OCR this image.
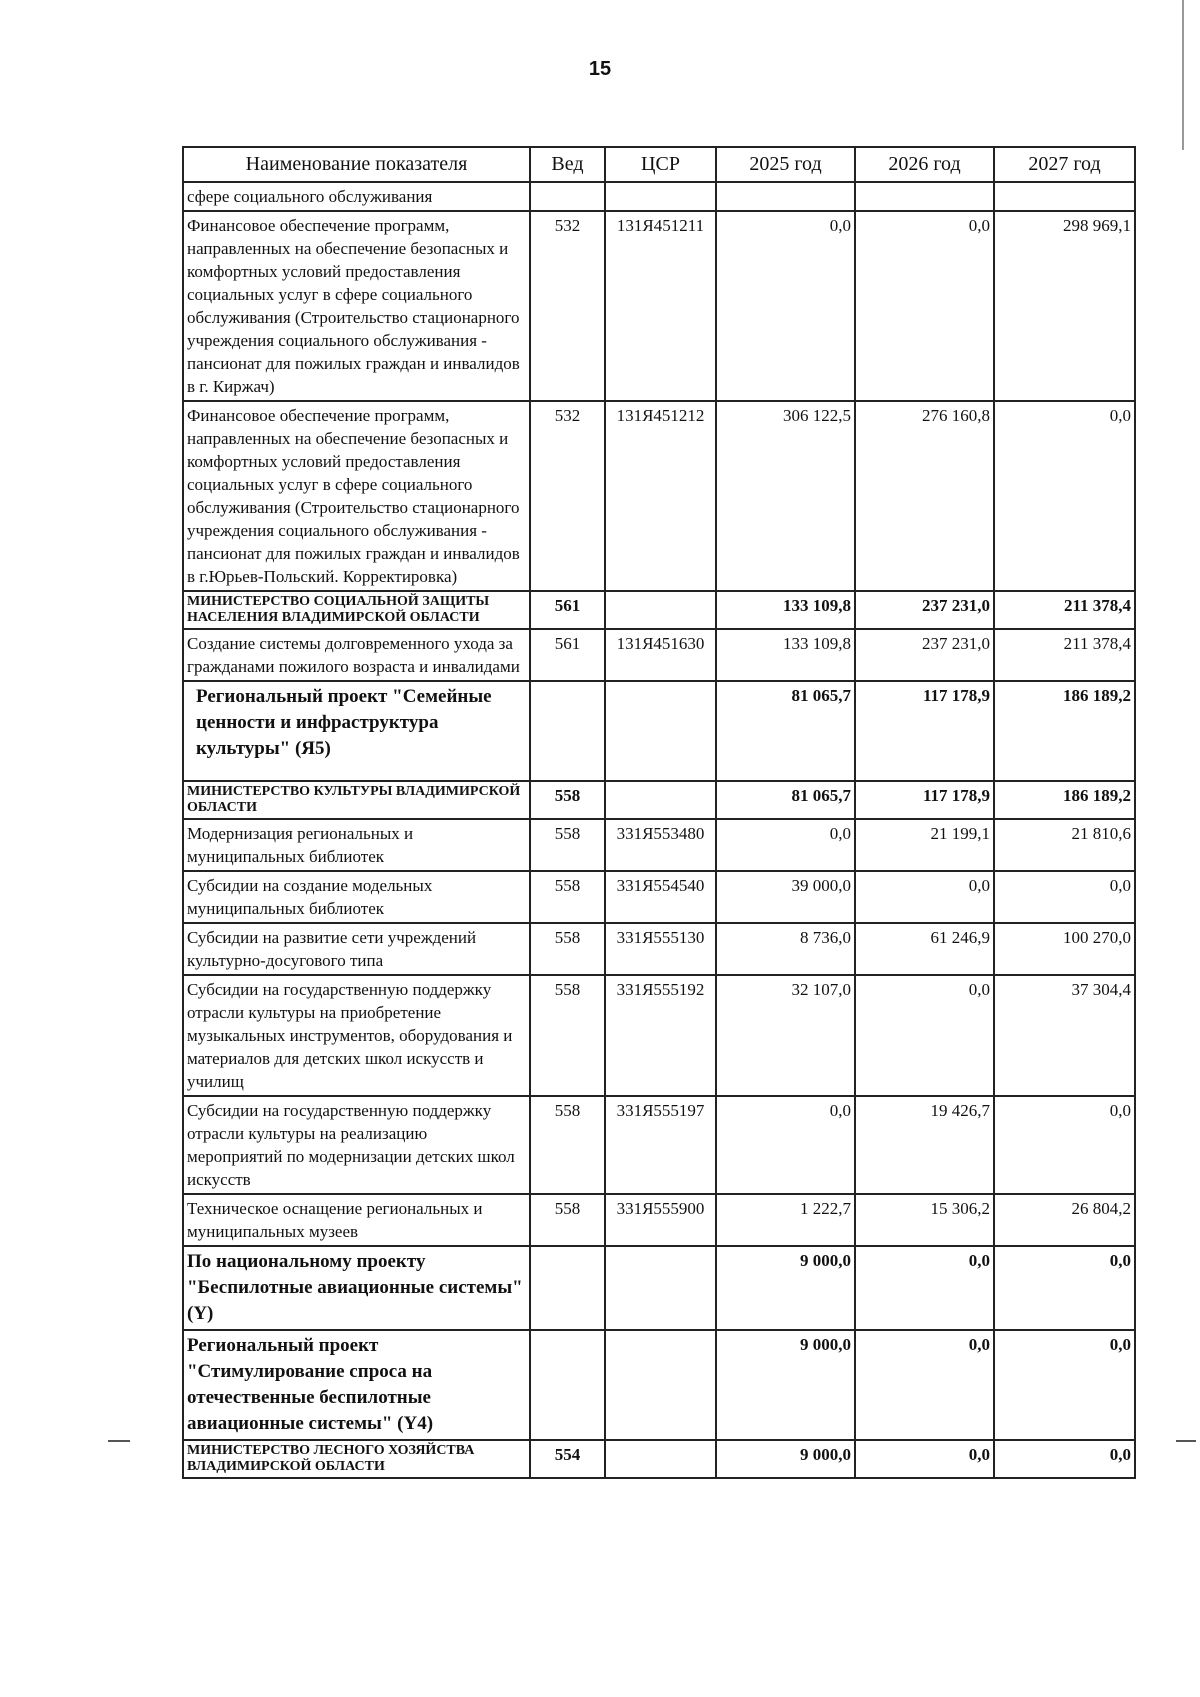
15
Наименование показателя	Вед	ЦСР	2025 год	2026 год	2027 год
сфере социального обслуживания					
Финансовое обеспечение программ, направленных на обеспечение безопасных и комфортных условий предоставления социальных услуг в сфере социального обслуживания (Строительство стационарного учреждения социального обслуживания - пансионат для пожилых граждан и инвалидов в г. Киржач)	532	131Я451211	0,0	0,0	298 969,1
Финансовое обеспечение программ, направленных на обеспечение безопасных и комфортных условий предоставления социальных услуг в сфере социального обслуживания (Строительство стационарного учреждения социального обслуживания - пансионат для пожилых граждан и инвалидов в г.Юрьев-Польский. Корректировка)	532	131Я451212	306 122,5	276 160,8	0,0
МИНИСТЕРСТВО СОЦИАЛЬНОЙ ЗАЩИТЫ НАСЕЛЕНИЯ ВЛАДИМИРСКОЙ ОБЛАСТИ	561		133 109,8	237 231,0	211 378,4
Создание системы долговременного ухода за гражданами пожилого возраста и инвалидами	561	131Я451630	133 109,8	237 231,0	211 378,4
Региональный проект "Семейные ценности и инфраструктура культуры" (Я5)			81 065,7	117 178,9	186 189,2
МИНИСТЕРСТВО КУЛЬТУРЫ ВЛАДИМИРСКОЙ ОБЛАСТИ	558		81 065,7	117 178,9	186 189,2
Модернизация региональных и муниципальных библиотек	558	331Я553480	0,0	21 199,1	21 810,6
Субсидии на создание модельных муниципальных библиотек	558	331Я554540	39 000,0	0,0	0,0
Субсидии на развитие сети учреждений культурно-досугового типа	558	331Я555130	8 736,0	61 246,9	100 270,0
Субсидии на государственную поддержку отрасли культуры на приобретение музыкальных инструментов, оборудования и материалов для детских школ искусств и училищ	558	331Я555192	32 107,0	0,0	37 304,4
Субсидии на государственную поддержку отрасли культуры на реализацию мероприятий по модернизации детских школ искусств	558	331Я555197	0,0	19 426,7	0,0
Техническое оснащение региональных и муниципальных музеев	558	331Я555900	1 222,7	15 306,2	26 804,2
По национальному проекту "Беспилотные авиационные системы" (Y)			9 000,0	0,0	0,0
Региональный проект "Стимулирование спроса на отечественные беспилотные авиационные системы" (Y4)			9 000,0	0,0	0,0
МИНИСТЕРСТВО ЛЕСНОГО ХОЗЯЙСТВА ВЛАДИМИРСКОЙ ОБЛАСТИ	554		9 000,0	0,0	0,0
